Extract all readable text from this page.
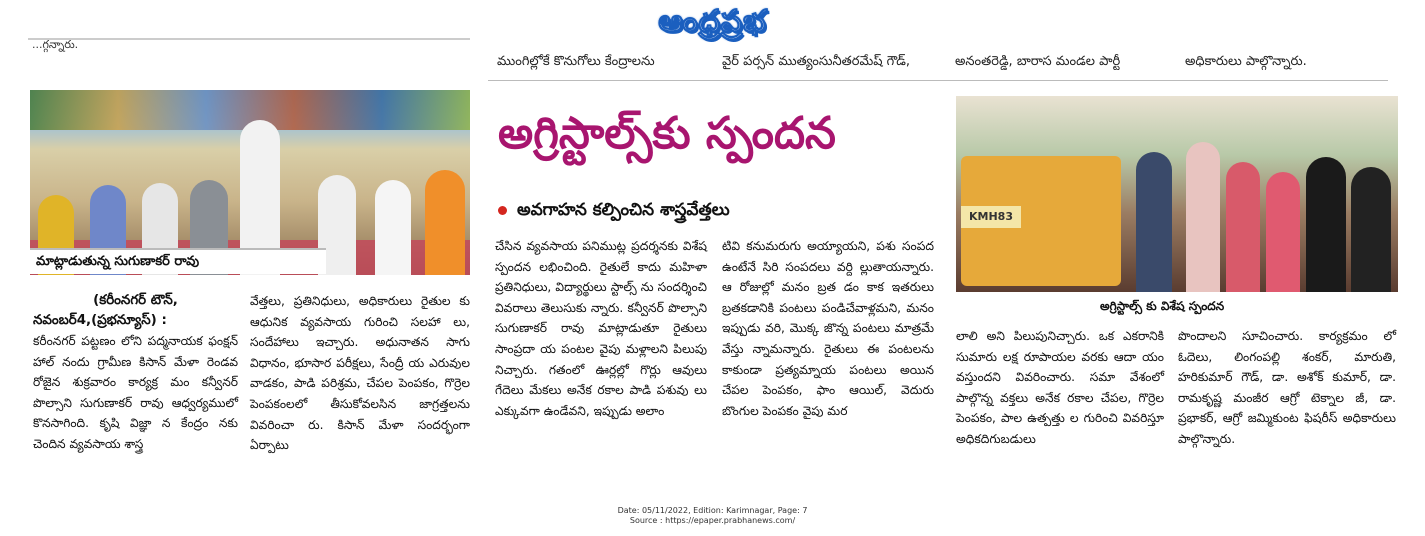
ఆంధ్రప్రభ
...గ్గన్నారు.
ముంగిల్లోకే కొనుగోలు కేంద్రాలను	వైర్ పర్సన్ ముత్యంసునీతరమేష్ గౌడ్,	అనంతరెడ్డి, బారాస మండల పార్టీ	అధికారులు పాల్గొన్నారు.
మాట్లాడుతున్న సుగుణాకర్ రావు
అగ్రిస్టాల్స్‌కు స్పందన
అవగాహన కల్పించిన శాస్త్రవేత్తలు	KMH83
అగ్రిస్టాల్స్ కు విశేష స్పందన
(కరీంనగర్ టౌన్,
నవంబర్4,(ప్రభన్యూస్) :

కరీంనగర్ పట్టణం లోని పద్మనాయక ఫంక్షన్ హాల్ నందు గ్రామీణ కిసాన్ మేళా రెండవ రోజైన శుక్రవారం కార్యక్ర మం కన్వీనర్ పొల్సాని సుగుణాకర్ రావు ఆధ్వర్యములో కొనసాగింది. కృషి విజ్ఞా న కేంద్రం నకు చెందిన వ్యవసాయ శాస్త్ర

వేత్తలు, ప్రతినిధులు, అధికారులు రైతుల కు ఆధునిక వ్యవసాయ గురించి సలహా లు, సందేహాలు ఇచ్చారు. అధునాతన సాగు విధానం, భూసార పరీక్షలు, సేంద్రీ య ఎరువుల వాడకం, పాడి పరిశ్రమ, చేపల పెంపకం, గొర్రెల పెంపకంలలో తీసుకోవలసిన జాగ్రత్తలను వివరించా రు. కిసాన్ మేళా సందర్భంగా ఏర్పాటు

చేసిన వ్యవసాయ పనిముట్ల ప్రదర్శనకు విశేష స్పందన లభించింది. రైతులే కాదు మహిళా ప్రతినిధులు, విద్యార్థులు స్టాల్స్ ను సందర్శించి వివరాలు తెలుసుకు న్నారు. కన్వీనర్ పొల్సాని సుగుణాకర్ రావు మాట్లాడుతూ రైతులు సాంప్రదా య పంటల వైపు మళ్లాలని పిలుపు నిచ్చారు. గతంలో ఊర్లల్లో గొర్లు ఆవులు గేదెలు మేకలు అనేక రకాల పాడి పశువు లు ఎక్కువగా ఉండేవని, ఇప్పుడు అలాం

టివి కనుమరుగు అయ్యాయని, పశు సంపద ఉంటేనే సిరి సంపదలు వర్ది ల్లుతాయన్నారు. ఆ రోజుల్లో మనం బ్రత డం కాక ఇతరులు బ్రతకడానికి పంటలు పండిచేవాళ్లమని, మనం ఇప్పుడు వరి, మొక్క జొన్న పంటలు మాత్రమే వేస్తు న్నామన్నారు. రైతులు ఈ పంటలను కాకుండా ప్రత్యమ్నాయ పంటలు అయిన చేపల పెంపకం, ఫాం ఆయిల్, వెదురు బొంగుల పెంపకం వైపు మర

లాలి అని పిలుపునిచ్చారు. ఒక ఎకరానికి సుమారు లక్ష రూపాయల వరకు ఆదా యం వస్తుందని వివరించారు. సమా వేశంలో పాల్గొన్న వక్తలు అనేక రకాల చేపల, గొర్రెల పెంపకం, పాల ఉత్పత్తు ల గురించి వివరిస్తూ అధికదిగుబడులు

పొందాలని సూచించారు. కార్యక్రమం లో ఓదెలు, లింగంపల్లి శంకర్, మారుతి, హరికుమార్ గౌడ్, డా. అశోక్ కుమార్, డా. రామకృష్ణ మంజీర ఆగ్రో టెక్నాల జీ, డా. ప్రభాకర్, ఆగ్రో జమ్మికుంట ఫిషరీస్ అధికారులు పాల్గొన్నారు.

Date: 05/11/2022, Edition: Karimnagar, Page: 7
Source : https://epaper.prabhanews.com/
